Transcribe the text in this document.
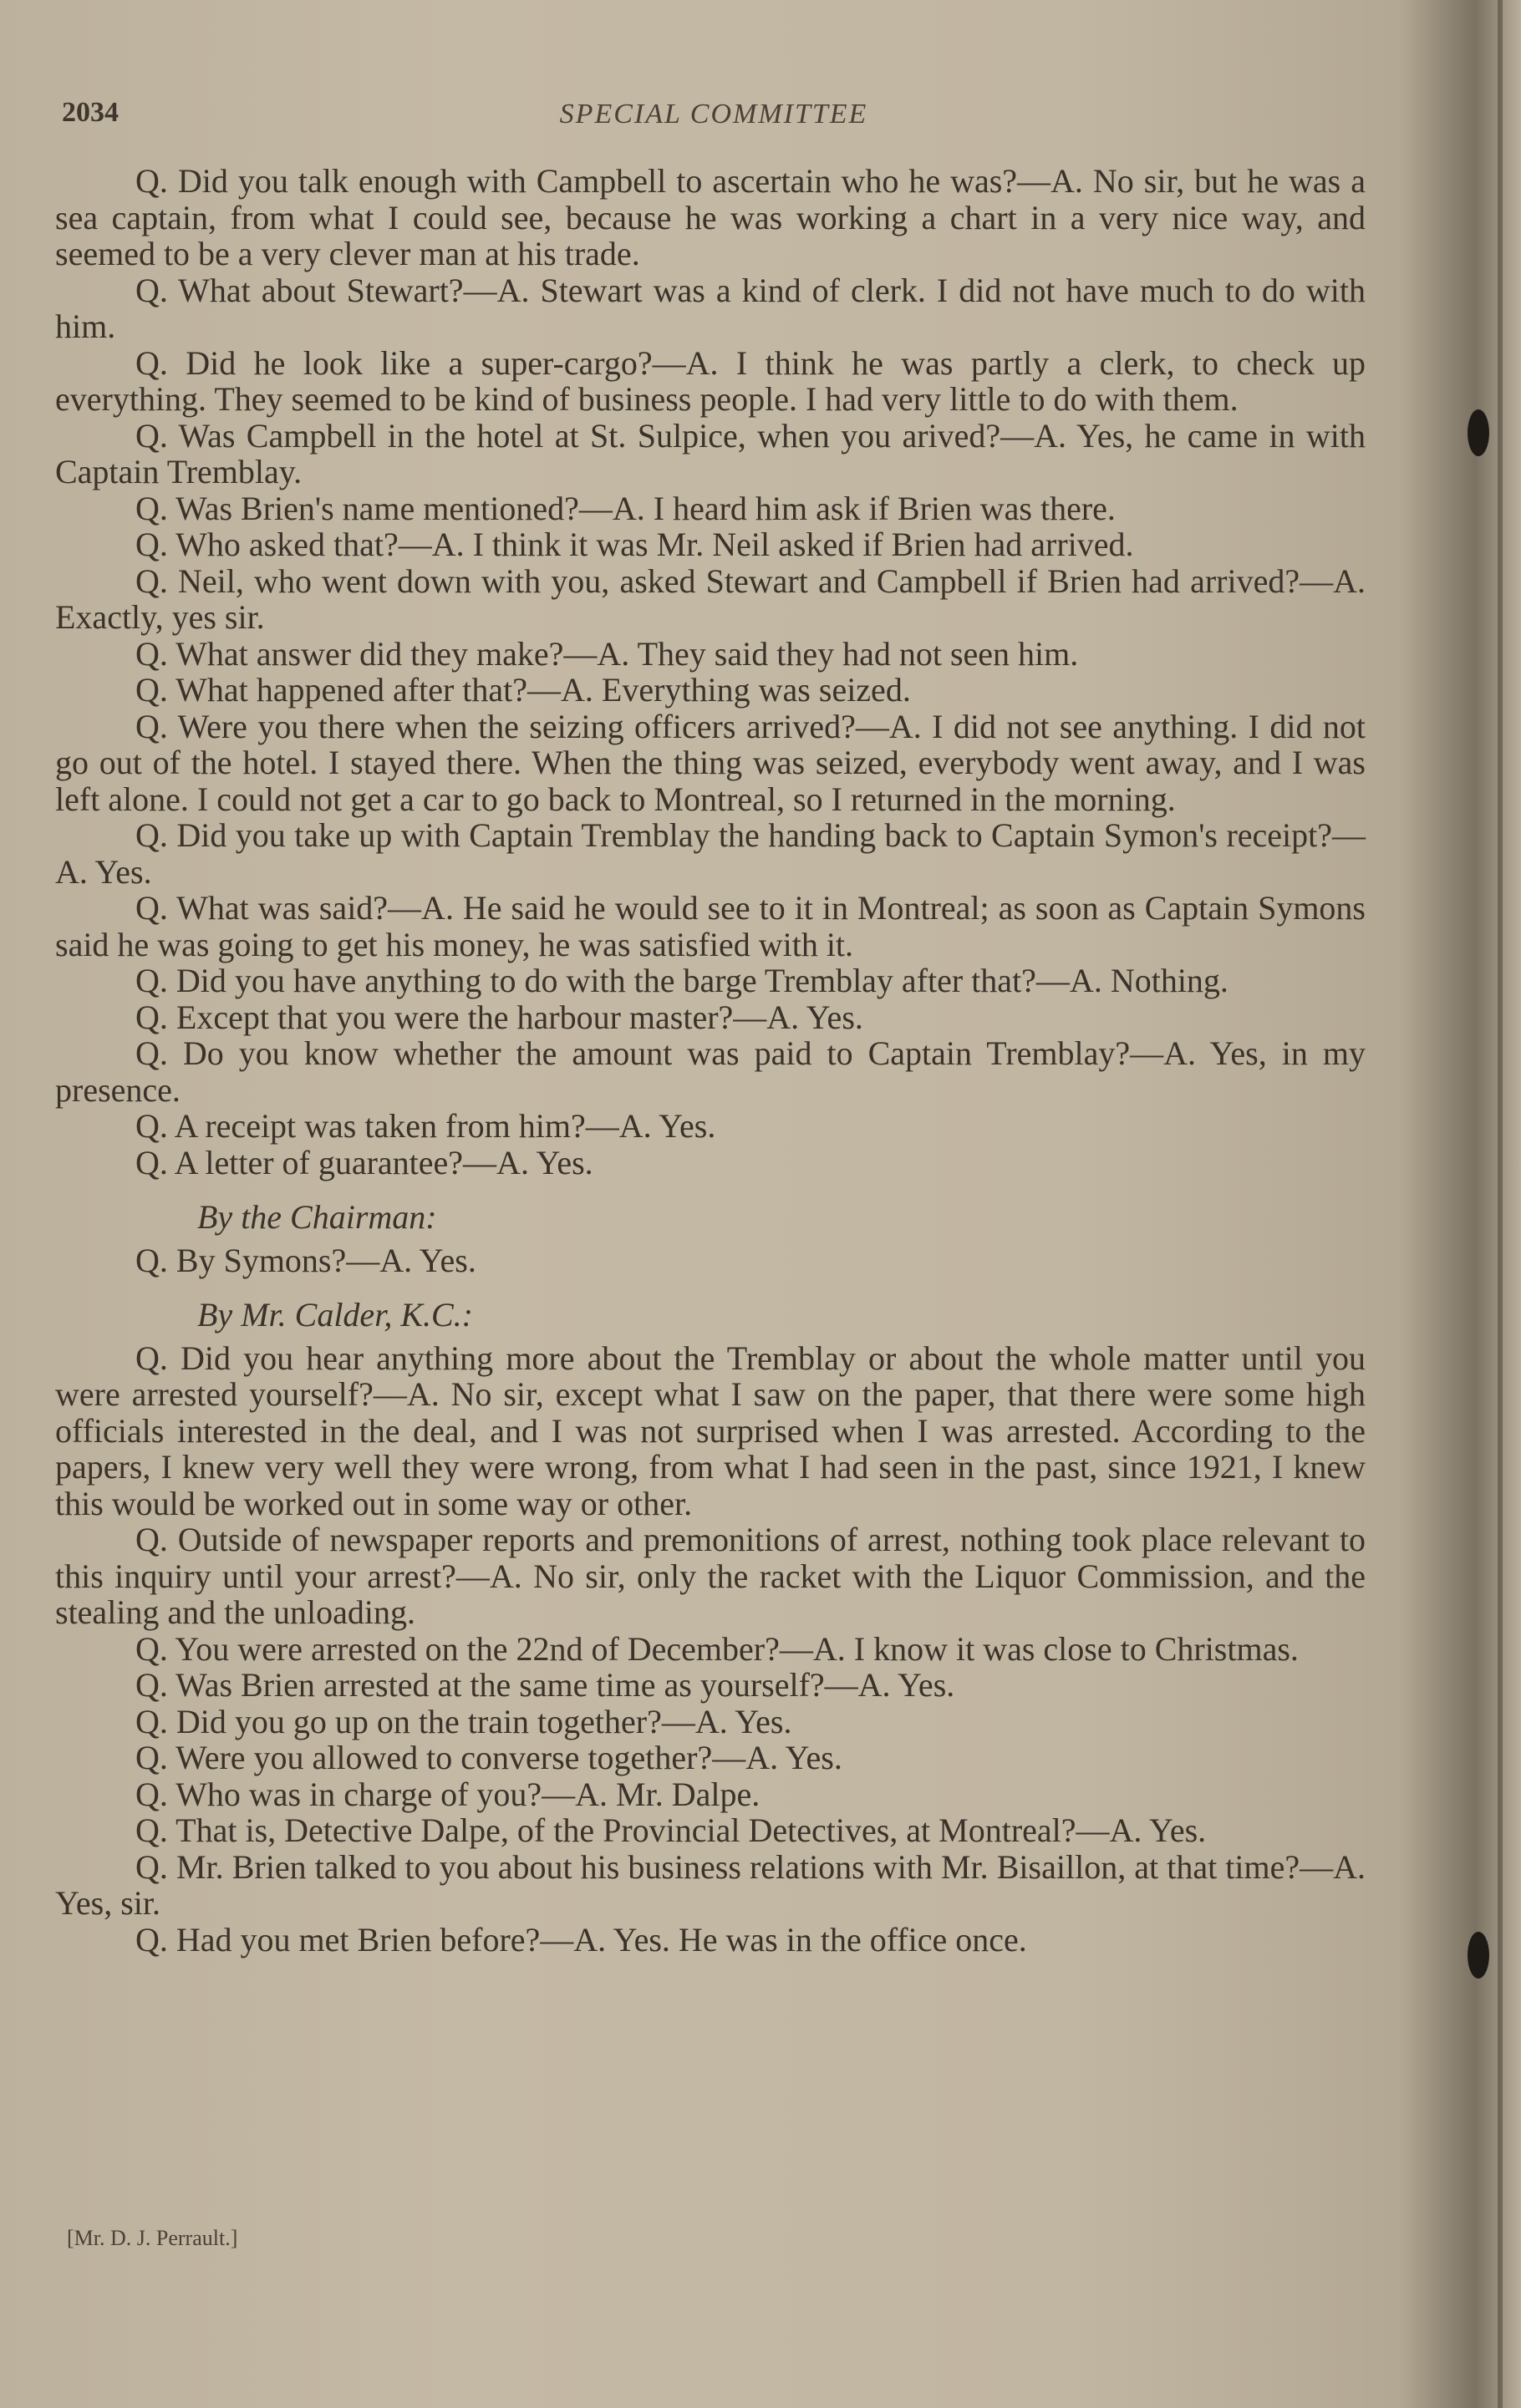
2034	SPECIAL COMMITTEE

Q. Did you talk enough with Campbell to ascertain who he was?—A. No sir, but he was a sea captain, from what I could see, because he was working a chart in a very nice way, and seemed to be a very clever man at his trade.

Q. What about Stewart?—A. Stewart was a kind of clerk. I did not have much to do with him.

Q. Did he look like a super-cargo?—A. I think he was partly a clerk, to check up everything. They seemed to be kind of business people. I had very little to do with them.

Q. Was Campbell in the hotel at St. Sulpice, when you arived?—A. Yes, he came in with Captain Tremblay.

Q. Was Brien's name mentioned?—A. I heard him ask if Brien was there.

Q. Who asked that?—A. I think it was Mr. Neil asked if Brien had arrived.

Q. Neil, who went down with you, asked Stewart and Campbell if Brien had arrived?—A. Exactly, yes sir.

Q. What answer did they make?—A. They said they had not seen him.

Q. What happened after that?—A. Everything was seized.

Q. Were you there when the seizing officers arrived?—A. I did not see anything. I did not go out of the hotel. I stayed there. When the thing was seized, everybody went away, and I was left alone. I could not get a car to go back to Montreal, so I returned in the morning.

Q. Did you take up with Captain Tremblay the handing back to Captain Symon's receipt?—A. Yes.

Q. What was said?—A. He said he would see to it in Montreal; as soon as Captain Symons said he was going to get his money, he was satisfied with it.

Q. Did you have anything to do with the barge Tremblay after that?—A. Nothing.

Q. Except that you were the harbour master?—A. Yes.

Q. Do you know whether the amount was paid to Captain Tremblay?—A. Yes, in my presence.

Q. A receipt was taken from him?—A. Yes.

Q. A letter of guarantee?—A. Yes.

By the Chairman:

Q. By Symons?—A. Yes.

By Mr. Calder, K.C.:

Q. Did you hear anything more about the Tremblay or about the whole matter until you were arrested yourself?—A. No sir, except what I saw on the paper, that there were some high officials interested in the deal, and I was not surprised when I was arrested. According to the papers, I knew very well they were wrong, from what I had seen in the past, since 1921, I knew this would be worked out in some way or other.

Q. Outside of newspaper reports and premonitions of arrest, nothing took place relevant to this inquiry until your arrest?—A. No sir, only the racket with the Liquor Commission, and the stealing and the unloading.

Q. You were arrested on the 22nd of December?—A. I know it was close to Christmas.

Q. Was Brien arrested at the same time as yourself?—A. Yes.

Q. Did you go up on the train together?—A. Yes.

Q. Were you allowed to converse together?—A. Yes.

Q. Who was in charge of you?—A. Mr. Dalpe.

Q. That is, Detective Dalpe, of the Provincial Detectives, at Montreal?—A. Yes.

Q. Mr. Brien talked to you about his business relations with Mr. Bisaillon, at that time?—A. Yes, sir.

Q. Had you met Brien before?—A. Yes. He was in the office once.

[Mr. D. J. Perrault.]
